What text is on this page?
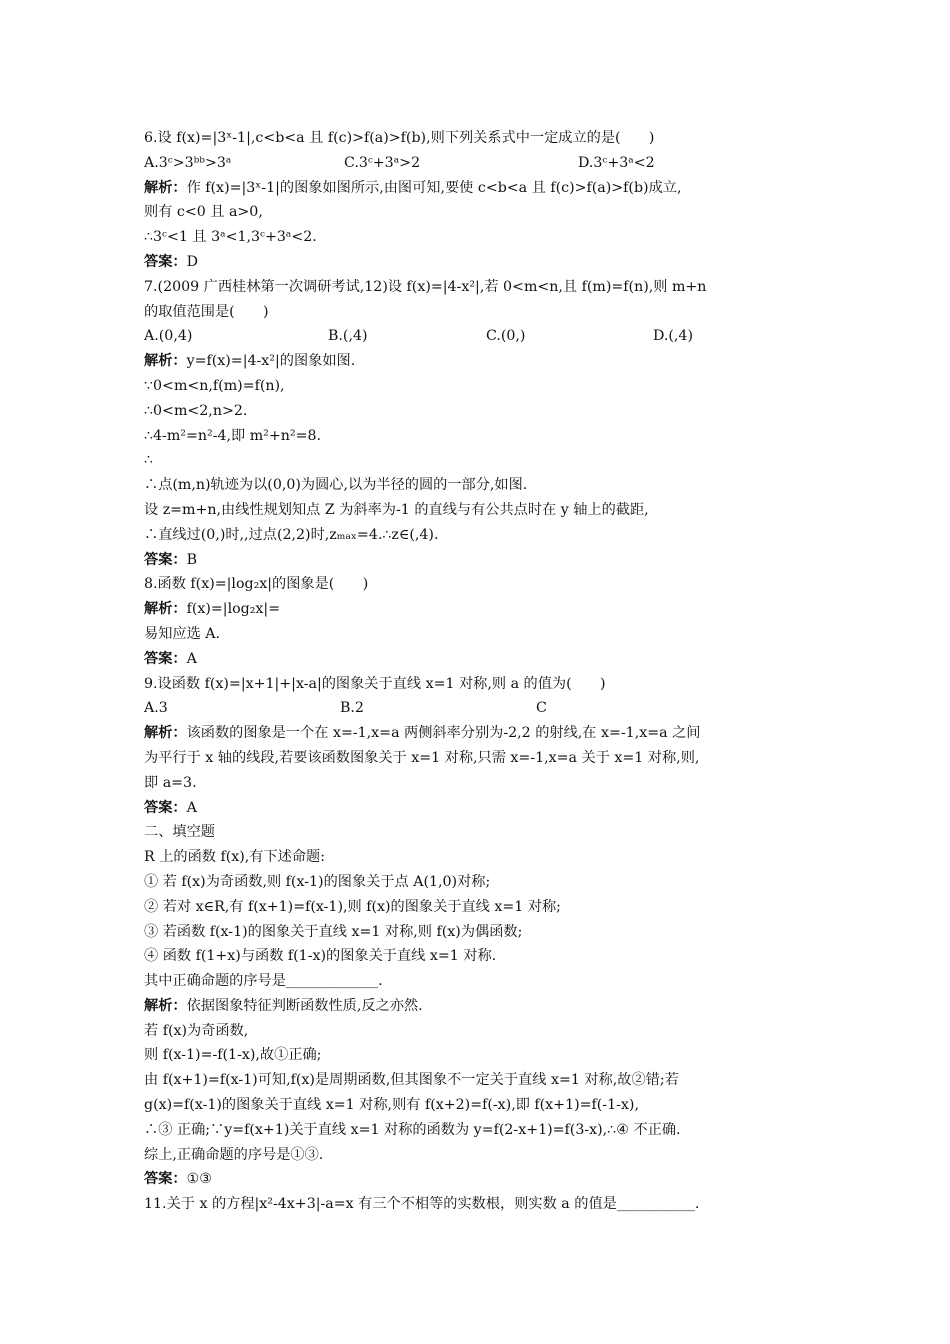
6.设 f(x)=|3ˣ-1|,c<b<a 且 f(c)>f(a)>f(b),则下列关系式中一定成立的是(　　)
A.3ᶜ>3ᵇᵇ>3ᵃ	C.3ᶜ+3ᵃ>2	D.3ᶜ+3ᵃ<2
解析：作 f(x)=|3ˣ-1|的图象如图所示,由图可知,要使 c<b<a 且 f(c)>f(a)>f(b)成立,
则有 c<0 且 a>0,
∴3ᶜ<1 且 3ᵃ<1,3ᶜ+3ᵃ<2.
答案：D
7.(2009 广西桂林第一次调研考试,12)设 f(x)=|4-x²|,若 0<m<n,且 f(m)=f(n),则 m+n
的取值范围是(　　)
A.(0,4)	B.(,4)	C.(0,)	D.(,4)
解析：y=f(x)=|4-x²|的图象如图.
∵0<m<n,f(m)=f(n),
∴0<m<2,n>2.
∴4-m²=n²-4,即 m²+n²=8.
∴
∴点(m,n)轨迹为以(0,0)为圆心,以为半径的圆的一部分,如图.
设 z=m+n,由线性规划知点 Z 为斜率为-1 的直线与有公共点时在 y 轴上的截距,
∴直线过(0,)时,,过点(2,2)时,zₘₐₓ=4.∴z∈(,4).
答案：B
8.函数 f(x)=|log₂x|的图象是(　　)
解析：f(x)=|log₂x|=
易知应选 A.
答案：A
9.设函数 f(x)=|x+1|+|x-a|的图象关于直线 x=1 对称,则 a 的值为(　　)
A.3	B.2	C
解析：该函数的图象是一个在 x=-1,x=a 两侧斜率分别为-2,2 的射线,在 x=-1,x=a 之间
为平行于 x 轴的线段,若要该函数图象关于 x=1 对称,只需 x=-1,x=a 关于 x=1 对称,则,
即 a=3.
答案：A
二、填空题
R 上的函数 f(x),有下述命题:
① 若 f(x)为奇函数,则 f(x-1)的图象关于点 A(1,0)对称;
② 若对 x∈R,有 f(x+1)=f(x-1),则 f(x)的图象关于直线 x=1 对称;
③ 若函数 f(x-1)的图象关于直线 x=1 对称,则 f(x)为偶函数;
④ 函数 f(1+x)与函数 f(1-x)的图象关于直线 x=1 对称.
其中正确命题的序号是_____________.
解析：依据图象特征判断函数性质,反之亦然.
若 f(x)为奇函数,
则 f(x-1)=-f(1-x),故①正确;
由 f(x+1)=f(x-1)可知,f(x)是周期函数,但其图象不一定关于直线 x=1 对称,故②错;若
g(x)=f(x-1)的图象关于直线 x=1 对称,则有 f(x+2)=f(-x),即 f(x+1)=f(-1-x),
∴③ 正确;∵y=f(x+1)关于直线 x=1 对称的函数为 y=f(2-x+1)=f(3-x),∴④ 不正确.
综上,正确命题的序号是①③.
答案：①③
11.关于 x 的方程|x²-4x+3|-a=x 有三个不相等的实数根，则实数 a 的值是___________.
